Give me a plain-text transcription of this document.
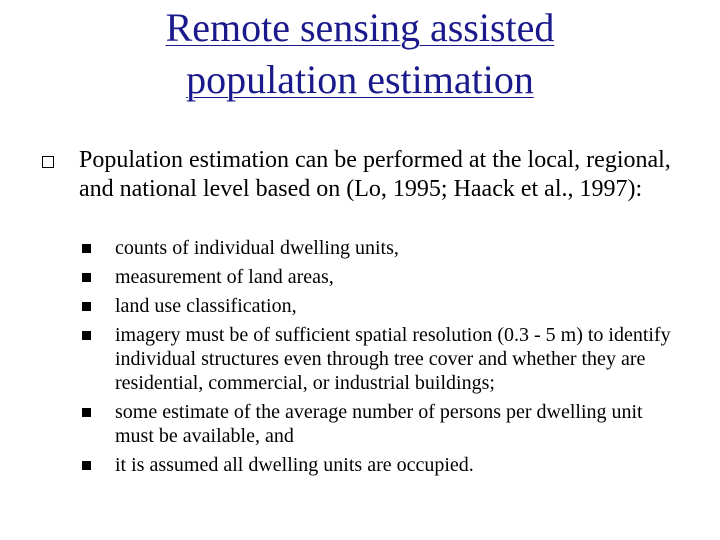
Remote sensing assisted
population estimation
Population estimation can be performed at the local, regional, and national level based on (Lo, 1995; Haack et al., 1997):
counts of individual dwelling units,
measurement of land areas,
land use classification,
imagery must be of sufficient spatial resolution (0.3 - 5 m) to identify individual structures even through tree cover and whether they are residential, commercial, or industrial buildings;
some estimate of the average number of persons per dwelling unit must be available, and
it is assumed all dwelling units are occupied.
